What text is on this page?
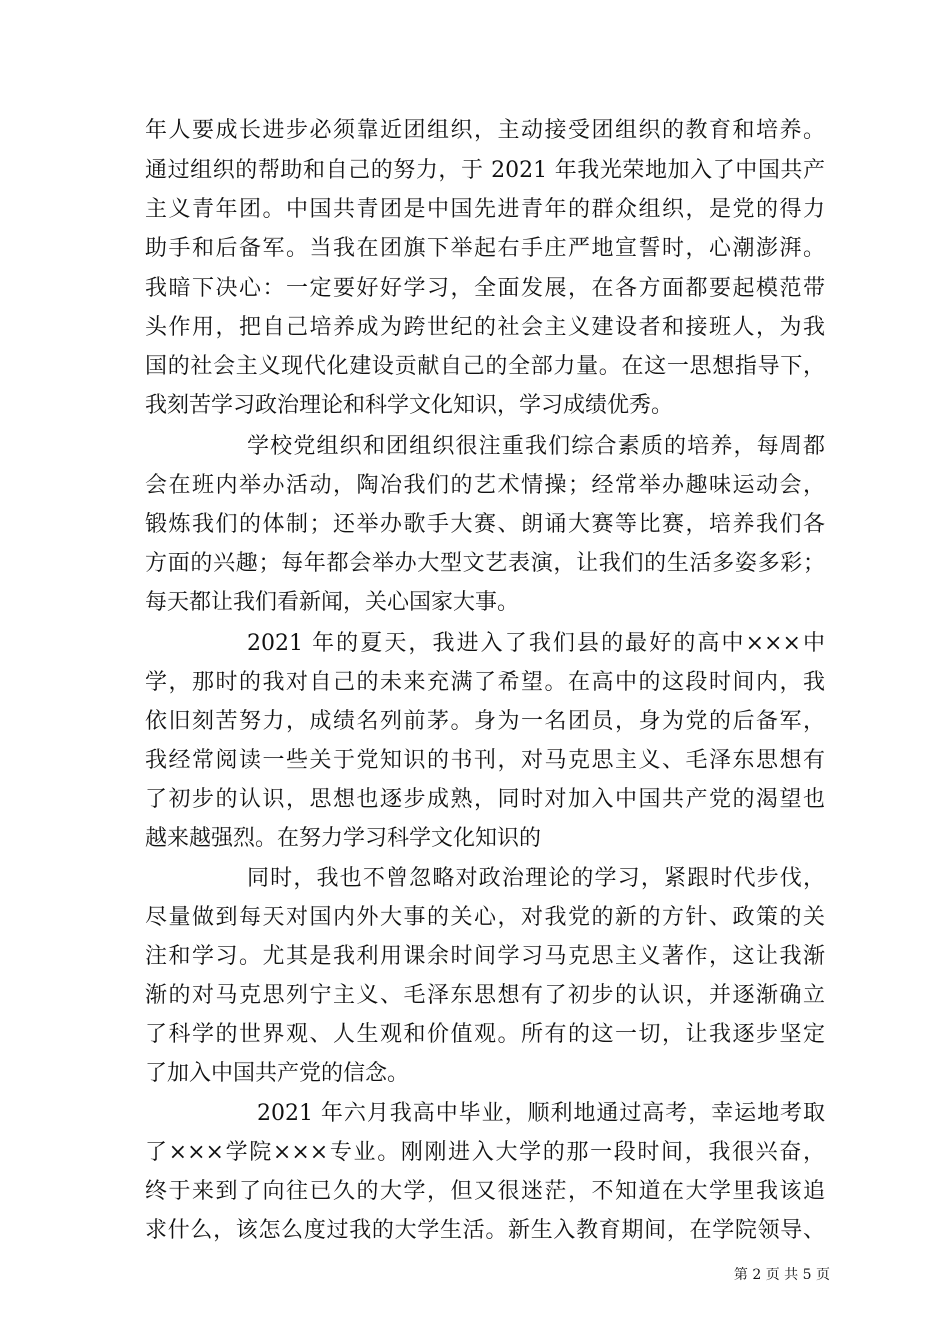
年人要成长进步必须靠近团组织，主动接受团组织的教育和培养。
通过组织的帮助和自己的努力，于 2021 年我光荣地加入了中国共产
主义青年团。中国共青团是中国先进青年的群众组织，是党的得力
助手和后备军。当我在团旗下举起右手庄严地宣誓时，心潮澎湃。
我暗下决心：一定要好好学习，全面发展，在各方面都要起模范带
头作用，把自己培养成为跨世纪的社会主义建设者和接班人，为我
国的社会主义现代化建设贡献自己的全部力量。在这一思想指导下，
我刻苦学习政治理论和科学文化知识，学习成绩优秀。
学校党组织和团组织很注重我们综合素质的培养，每周都
会在班内举办活动，陶冶我们的艺术情操；经常举办趣味运动会，
锻炼我们的体制；还举办歌手大赛、朗诵大赛等比赛，培养我们各
方面的兴趣；每年都会举办大型文艺表演，让我们的生活多姿多彩；
每天都让我们看新闻，关心国家大事。
2021 年的夏天，我进入了我们县的最好的高中×××中
学，那时的我对自己的未来充满了希望。在高中的这段时间内，我
依旧刻苦努力，成绩名列前茅。身为一名团员，身为党的后备军，
我经常阅读一些关于党知识的书刊，对马克思主义、毛泽东思想有
了初步的认识，思想也逐步成熟，同时对加入中国共产党的渴望也
越来越强烈。在努力学习科学文化知识的
同时，我也不曾忽略对政治理论的学习，紧跟时代步伐，
尽量做到每天对国内外大事的关心，对我党的新的方针、政策的关
注和学习。尤其是我利用课余时间学习马克思主义著作，这让我渐
渐的对马克思列宁主义、毛泽东思想有了初步的认识，并逐渐确立
了科学的世界观、人生观和价值观。所有的这一切，让我逐步坚定
了加入中国共产党的信念。
2021 年六月我高中毕业，顺利地通过高考，幸运地考取
了×××学院×××专业。刚刚进入大学的那一段时间，我很兴奋，
终于来到了向往已久的大学，但又很迷茫，不知道在大学里我该追
求什么，该怎么度过我的大学生活。新生入教育期间，在学院领导、
第 2 页 共 5 页
